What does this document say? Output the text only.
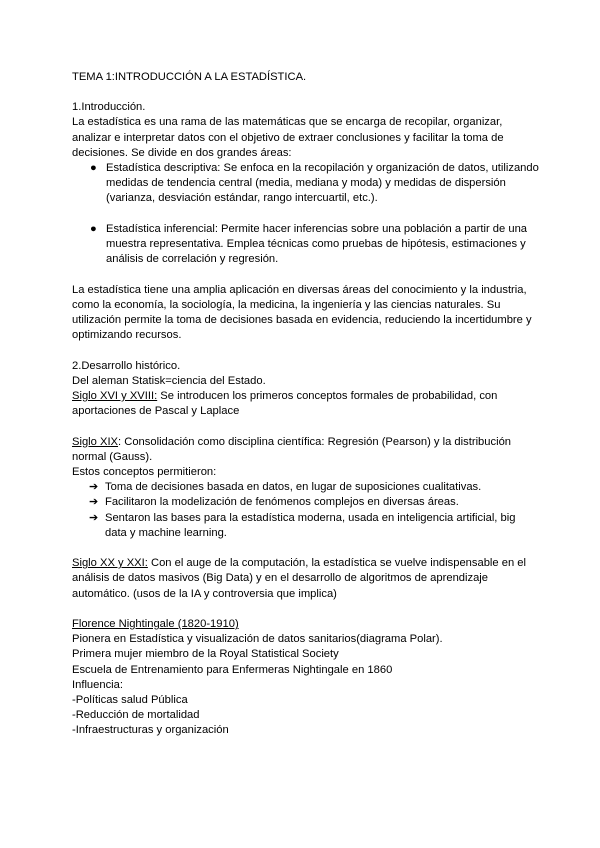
TEMA 1:INTRODUCCIÓN A LA ESTADÍSTICA.

1.Introducción.

La estadística es una rama de las matemáticas que se encarga de recopilar, organizar, analizar e interpretar datos con el objetivo de extraer conclusiones y facilitar la toma de decisiones. Se divide en dos grandes áreas:

● Estadística descriptiva: Se enfoca en la recopilación y organización de datos, utilizando medidas de tendencia central (media, mediana y moda) y medidas de dispersión (varianza, desviación estándar, rango intercuartil, etc.).
● Estadística inferencial: Permite hacer inferencias sobre una población a partir de una muestra representativa. Emplea técnicas como pruebas de hipótesis, estimaciones y análisis de correlación y regresión.

La estadística tiene una amplia aplicación en diversas áreas del conocimiento y la industria, como la economía, la sociología, la medicina, la ingeniería y las ciencias naturales. Su utilización permite la toma de decisiones basada en evidencia, reduciendo la incertidumbre y optimizando recursos.

2.Desarrollo histórico.

Del aleman Statisk=ciencia del Estado.

Siglo XVI y XVIII: Se introducen los primeros conceptos formales de probabilidad, con aportaciones de Pascal y Laplace

Siglo XIX: Consolidación como disciplina científica: Regresión (Pearson) y la distribución normal (Gauss).

Estos conceptos permitieron:

➔ Toma de decisiones basada en datos, en lugar de suposiciones cualitativas.
➔ Facilitaron la modelización de fenómenos complejos en diversas áreas.
➔ Sentaron las bases para la estadística moderna, usada en inteligencia artificial, big data y machine learning.

Siglo XX y XXI: Con el auge de la computación, la estadística se vuelve indispensable en el análisis de datos masivos (Big Data) y en el desarrollo de algoritmos de aprendizaje automático. (usos de la IA y controversia que implica)

Florence Nightingale (1820-1910)

Pionera en Estadística y visualización de datos sanitarios(diagrama Polar).

Primera mujer miembro de la Royal Statistical Society

Escuela de Entrenamiento para Enfermeras Nightingale en 1860

Influencia:

-Políticas salud Pública

-Reducción de mortalidad

-Infraestructuras y organización
